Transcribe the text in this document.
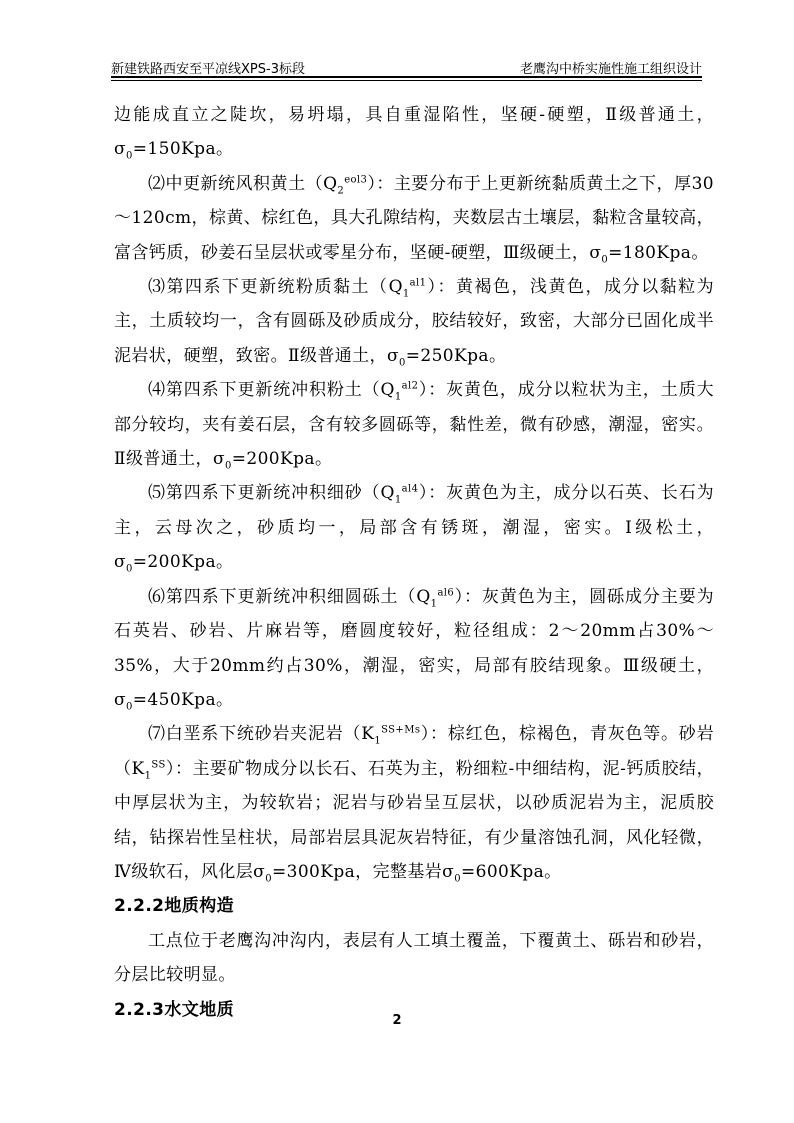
新建铁路西安至平凉线XPS-3标段	老鹰沟中桥实施性施工组织设计

边能成直立之陡坎，易坍塌，具自重湿陷性，坚硬-硬塑，Ⅱ级普通土，$\sigma_0=150Kpa$。

⑵中更新统风积黄土$(Q_2^{eol3})$：主要分布于上更新统黏质黄土之下，厚30～120cm，棕黄、棕红色，具大孔隙结构，夹数层古土壤层，黏粒含量较高，富含钙质，砂姜石呈层状或零星分布，坚硬-硬塑，Ⅲ级硬土，$\sigma_0=180Kpa$。

⑶第四系下更新统粉质黏土$(Q_1^{al1})$：黄褐色，浅黄色，成分以黏粒为主，土质较均一，含有圆砾及砂质成分，胶结较好，致密，大部分已固化成半泥岩状，硬塑，致密。Ⅱ级普通土，$\sigma_0=250Kpa$。

⑷第四系下更新统冲积粉土$(Q_1^{al2})$：灰黄色，成分以粒状为主，土质大部分较均，夹有姜石层，含有较多圆砾等，黏性差，微有砂感，潮湿，密实。Ⅱ级普通土，$\sigma_0=200Kpa$。

⑸第四系下更新统冲积细砂$(Q_1^{al4})$：灰黄色为主，成分以石英、长石为主，云母次之，砂质均一，局部含有锈斑，潮湿，密实。Ⅰ级松土，$\sigma_0=200Kpa$。

⑹第四系下更新统冲积细圆砾土$(Q_1^{al6})$：灰黄色为主，圆砾成分主要为石英岩、砂岩、片麻岩等，磨圆度较好，粒径组成：2～20mm占30%～35%，大于20mm约占30%，潮湿，密实，局部有胶结现象。Ⅲ级硬土，$\sigma_0=450Kpa$。

⑺白垩系下统砂岩夹泥岩$(K_1^{SS+Ms})$：棕红色，棕褐色，青灰色等。砂岩$(K_1^{SS})$：主要矿物成分以长石、石英为主，粉细粒-中细结构，泥-钙质胶结，中厚层状为主，为较软岩；泥岩与砂岩呈互层状，以砂质泥岩为主，泥质胶结，钻探岩性呈柱状，局部岩层具泥灰岩特征，有少量溶蚀孔洞，风化轻微，Ⅳ级软石，风化层$\sigma_0=300Kpa$，完整基岩$\sigma_0=600Kpa$。

2.2.2地质构造

工点位于老鹰沟冲沟内，表层有人工填土覆盖，下覆黄土、砾岩和砂岩，分层比较明显。

2.2.3水文地质

2
